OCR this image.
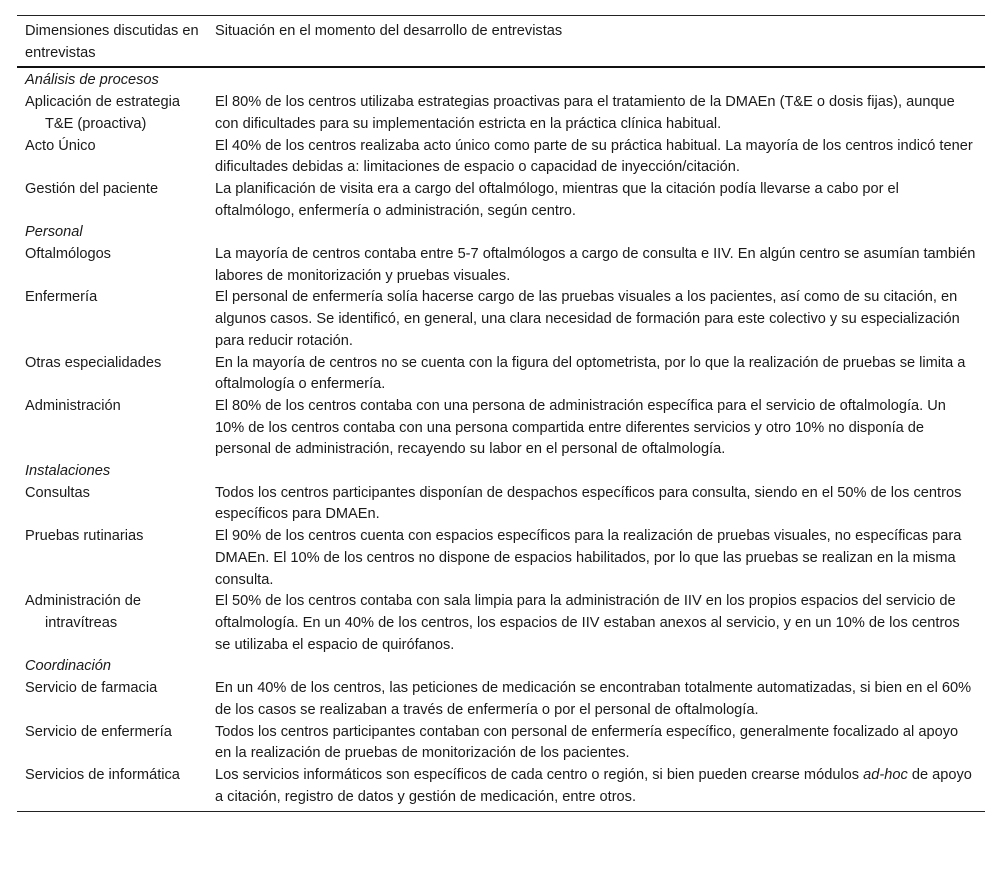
Dimensiones discutidas en entrevistas	Situación en el momento del desarrollo de entrevistas
Análisis de procesos	
Aplicación de estrategia T&E (proactiva)	El 80% de los centros utilizaba estrategias proactivas para el tratamiento de la DMAEn (T&E o dosis fijas), aunque con dificultades para su implementación estricta en la práctica clínica habitual.
Acto Único	El 40% de los centros realizaba acto único como parte de su práctica habitual. La mayoría de los centros indicó tener dificultades debidas a: limitaciones de espacio o capacidad de inyección/citación.
Gestión del paciente	La planificación de visita era a cargo del oftalmólogo, mientras que la citación podía llevarse a cabo por el oftalmólogo, enfermería o administración, según centro.
Personal	
Oftalmólogos	La mayoría de centros contaba entre 5-7 oftalmólogos a cargo de consulta e IIV. En algún centro se asumían también labores de monitorización y pruebas visuales.
Enfermería	El personal de enfermería solía hacerse cargo de las pruebas visuales a los pacientes, así como de su citación, en algunos casos. Se identificó, en general, una clara necesidad de formación para este colectivo y su especialización para reducir rotación.
Otras especialidades	En la mayoría de centros no se cuenta con la figura del optometrista, por lo que la realización de pruebas se limita a oftalmología o enfermería.
Administración	El 80% de los centros contaba con una persona de administración específica para el servicio de oftalmología. Un 10% de los centros contaba con una persona compartida entre diferentes servicios y otro 10% no disponía de personal de administración, recayendo su labor en el personal de oftalmología.
Instalaciones	
Consultas	Todos los centros participantes disponían de despachos específicos para consulta, siendo en el 50% de los centros específicos para DMAEn.
Pruebas rutinarias	El 90% de los centros cuenta con espacios específicos para la realización de pruebas visuales, no específicas para DMAEn. El 10% de los centros no dispone de espacios habilitados, por lo que las pruebas se realizan en la misma consulta.
Administración de intravítreas	El 50% de los centros contaba con sala limpia para la administración de IIV en los propios espacios del servicio de oftalmología. En un 40% de los centros, los espacios de IIV estaban anexos al servicio, y en un 10% de los centros se utilizaba el espacio de quirófanos.
Coordinación	
Servicio de farmacia	En un 40% de los centros, las peticiones de medicación se encontraban totalmente automatizadas, si bien en el 60% de los casos se realizaban a través de enfermería o por el personal de oftalmología.
Servicio de enfermería	Todos los centros participantes contaban con personal de enfermería específico, generalmente focalizado al apoyo en la realización de pruebas de monitorización de los pacientes.
Servicios de informática	Los servicios informáticos son específicos de cada centro o región, si bien pueden crearse módulos ad-hoc de apoyo a citación, registro de datos y gestión de medicación, entre otros.
